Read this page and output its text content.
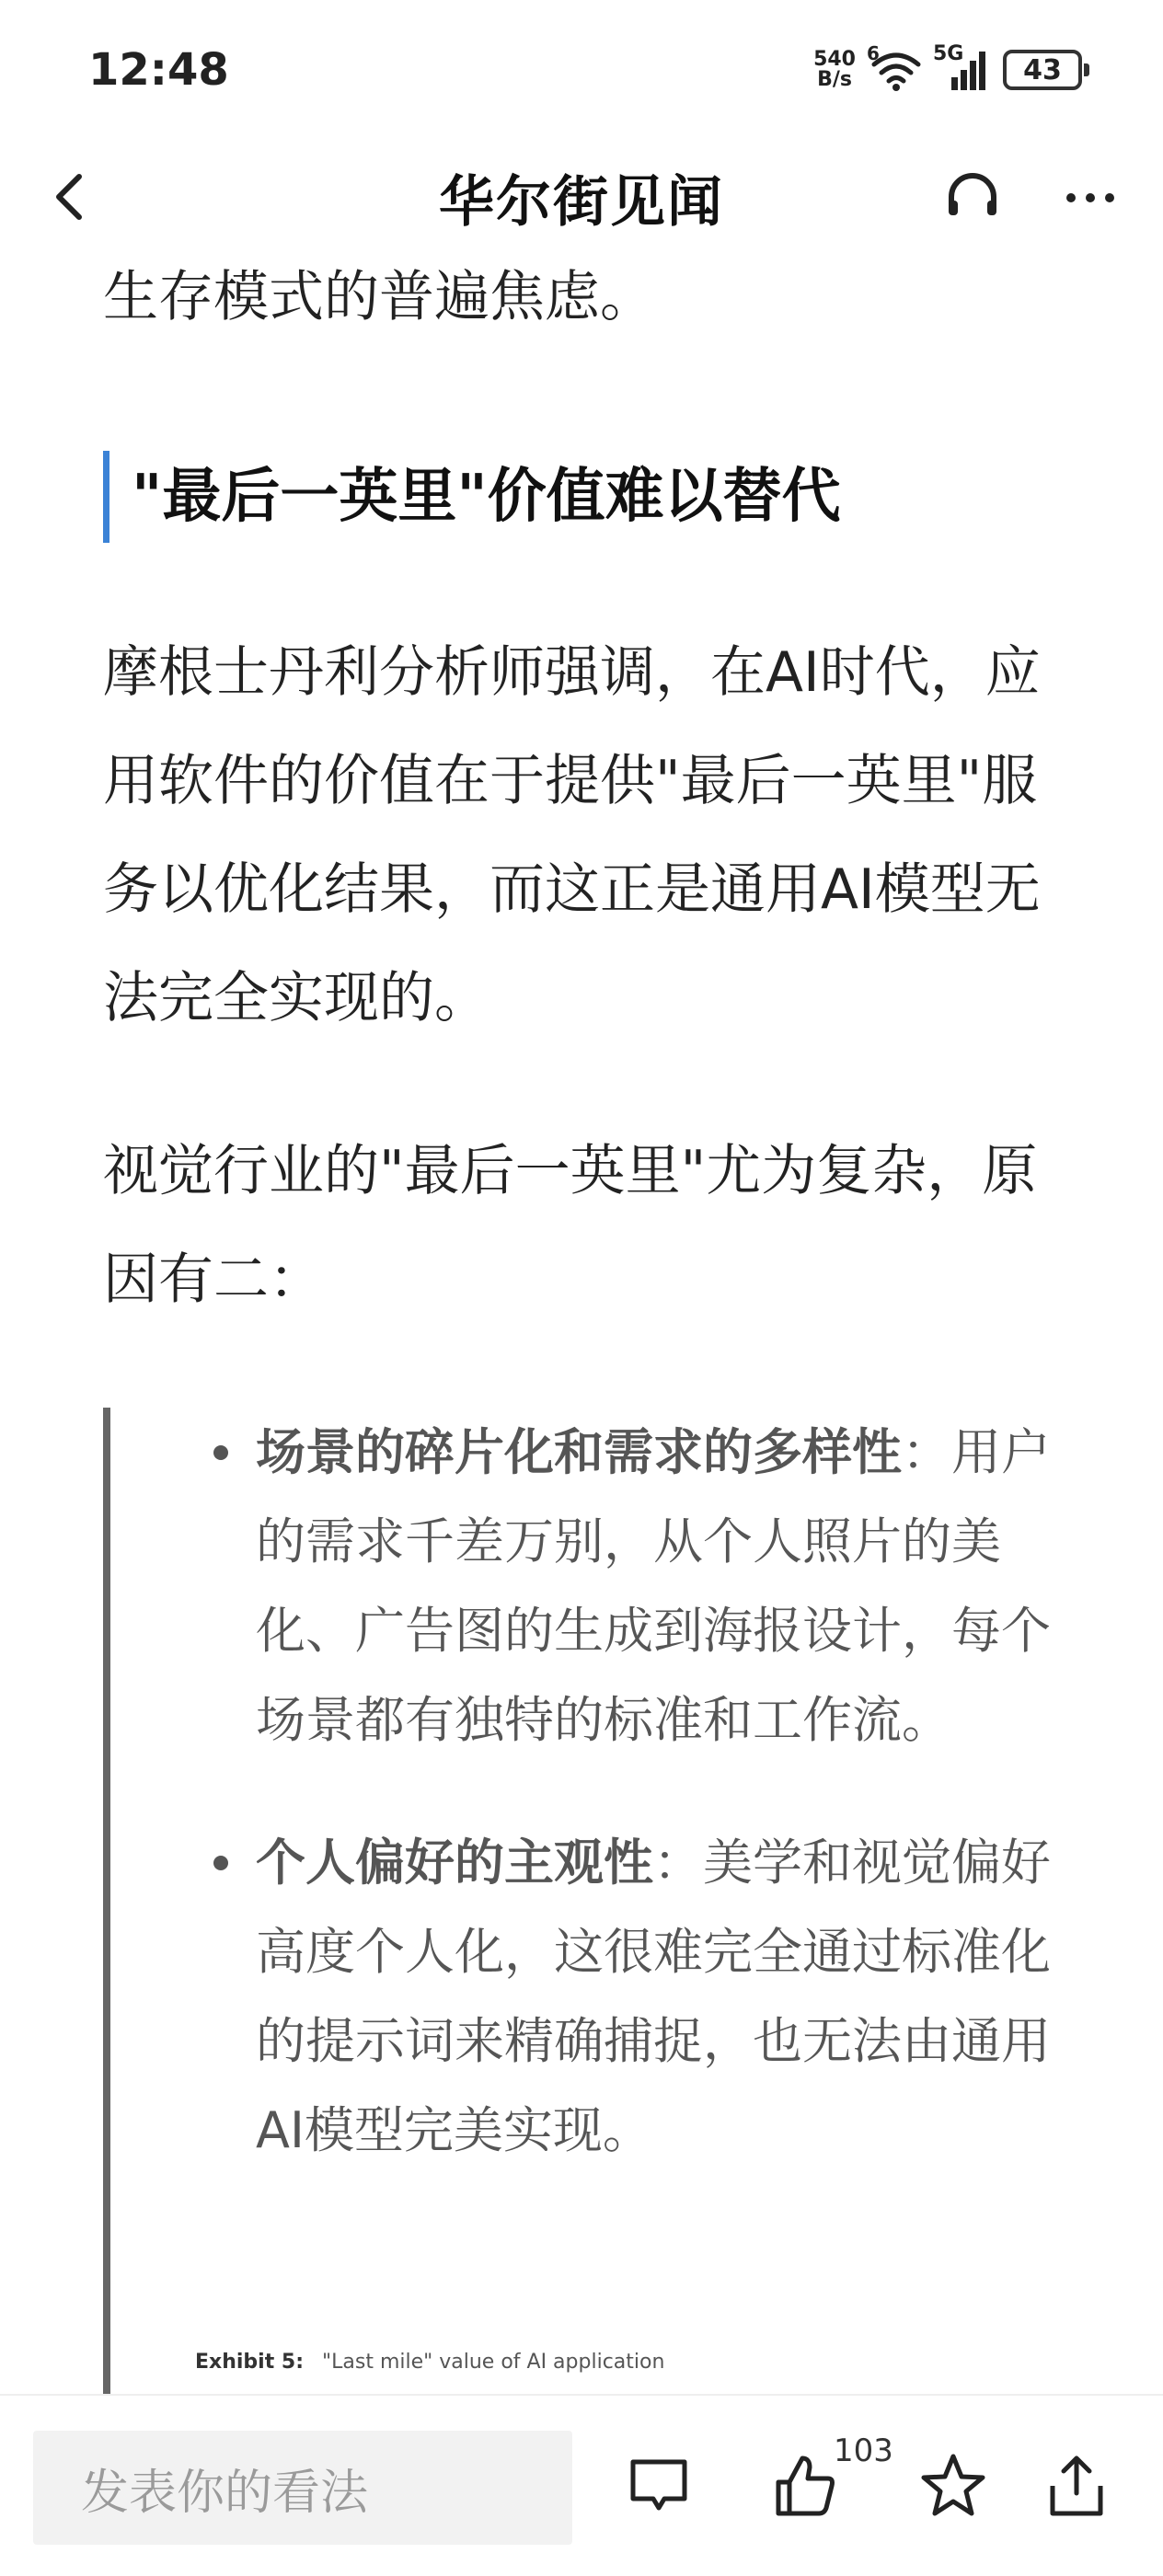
12:48	540
B/s
6	5G 43
华尔街见闻

生存模式的普遍焦虑。

"最后一英里"价值难以替代

摩根士丹利分析师强调，在AI时代，应用软件的价值在于提供"最后一英里"服务以优化结果，而这正是通用AI模型无法完全实现的。

视觉行业的"最后一英里"尤为复杂，原因有二：

场景的碎片化和需求的多样性：用户的需求千差万别，从个人照片的美化、广告图的生成到海报设计，每个场景都有独特的标准和工作流。
个人偏好的主观性：美学和视觉偏好高度个人化，这很难完全通过标准化的提示词来精确捕捉，也无法由通用AI模型完美实现。
Exhibit 5: "Last mile" value of AI application
发表你的看法
103
